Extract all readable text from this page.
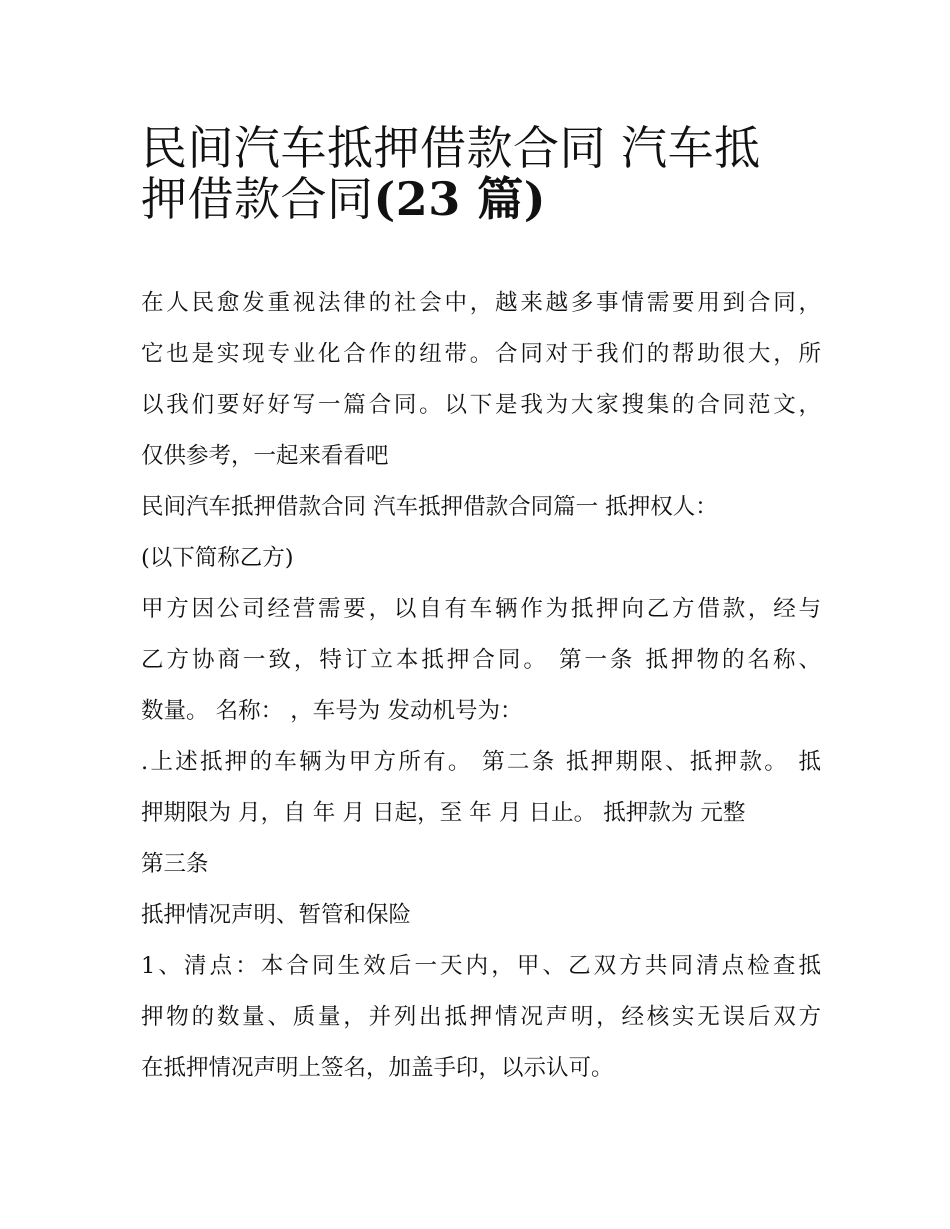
民间汽车抵押借款合同 汽车抵
押借款合同(23 篇)
在人民愈发重视法律的社会中，越来越多事情需要用到合同，
它也是实现专业化合作的纽带。合同对于我们的帮助很大，所
以我们要好好写一篇合同。以下是我为大家搜集的合同范文，
仅供参考，一起来看看吧
民间汽车抵押借款合同 汽车抵押借款合同篇一 抵押权人：
(以下简称乙方)
甲方因公司经营需要，以自有车辆作为抵押向乙方借款，经与
乙方协商一致，特订立本抵押合同。 第一条 抵押物的名称、
数量。 名称： ，车号为 发动机号为：
.上述抵押的车辆为甲方所有。 第二条 抵押期限、抵押款。 抵
押期限为 月，自 年 月 日起，至 年 月 日止。 抵押款为 元整
第三条
抵押情况声明、暂管和保险
1、清点：本合同生效后一天内，甲、乙双方共同清点检查抵
押物的数量、质量，并列出抵押情况声明，经核实无误后双方
在抵押情况声明上签名，加盖手印，以示认可。
